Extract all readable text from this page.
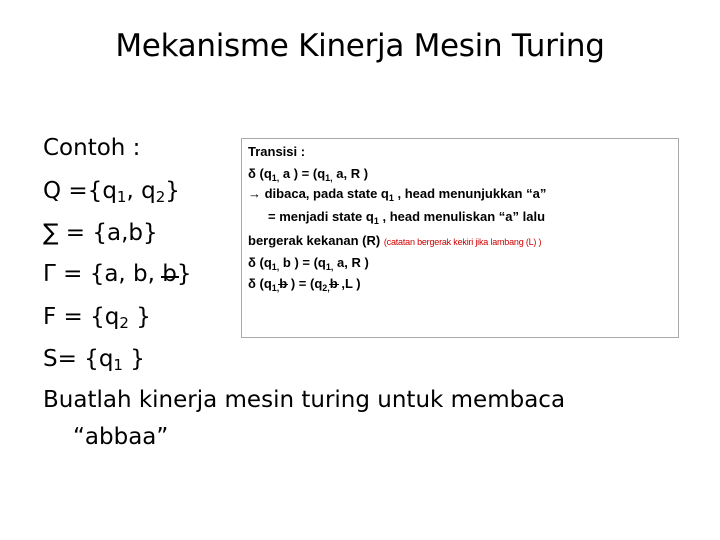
Mekanisme Kinerja Mesin Turing
Contoh :
$Q =\{q_1$, $q_2$}
∑ = {a,b}
Γ = {a, b, b}
$F = \{q_2$ }
$S= \{q_1$ }
Buatlah kinerja mesin turing untuk membaca
“abbaa”
Transisi :
δ ($q_{1,}$ a ) = ($q_{1,}$ a, R )
→ dibaca, pada state $q_1$ , head menunjukkan “a”
= menjadi state $q_1$ , head menuliskan “a” lalu
bergerak kekanan (R) (catatan bergerak kekiri jika lambang (L) )
δ ($q_{1,}$ b ) = ($q_{1,}$ a, R )
δ ($q_{1,}b$ ) = ($q_{2,}b$ ,L )
